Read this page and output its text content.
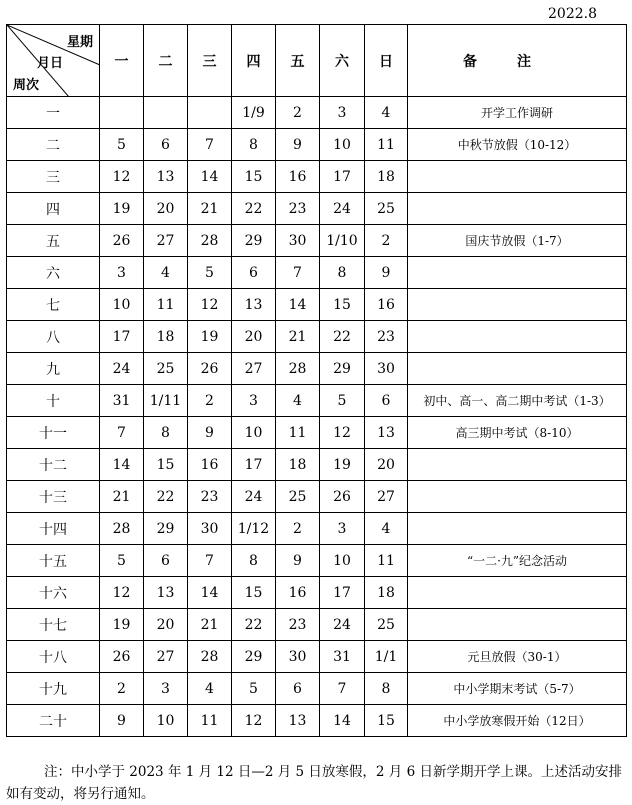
2022.8
星期
月日
周次	一	二	三	四	五	六	日	备注
一				1/9	2	3	4	开学工作调研
二	5	6	7	8	9	10	11	中秋节放假（10-12）
三	12	13	14	15	16	17	18	
四	19	20	21	22	23	24	25	
五	26	27	28	29	30	1/10	2	国庆节放假（1-7）
六	3	4	5	6	7	8	9	
七	10	11	12	13	14	15	16	
八	17	18	19	20	21	22	23	
九	24	25	26	27	28	29	30	
十	31	1/11	2	3	4	5	6	初中、高一、高二期中考试（1-3）
十一	7	8	9	10	11	12	13	高三期中考试（8-10）
十二	14	15	16	17	18	19	20	
十三	21	22	23	24	25	26	27	
十四	28	29	30	1/12	2	3	4	
十五	5	6	7	8	9	10	11	“一二·九”纪念活动
十六	12	13	14	15	16	17	18	
十七	19	20	21	22	23	24	25	
十八	26	27	28	29	30	31	1/1	元旦放假（30-1）
十九	2	3	4	5	6	7	8	中小学期末考试（5-7）
二十	9	10	11	12	13	14	15	中小学放寒假开始（12日）
注：中小学于 2023 年 1 月 12 日—2 月 5 日放寒假，2 月 6 日新学期开学上课。上述活动安排如有变动，将另行通知。
